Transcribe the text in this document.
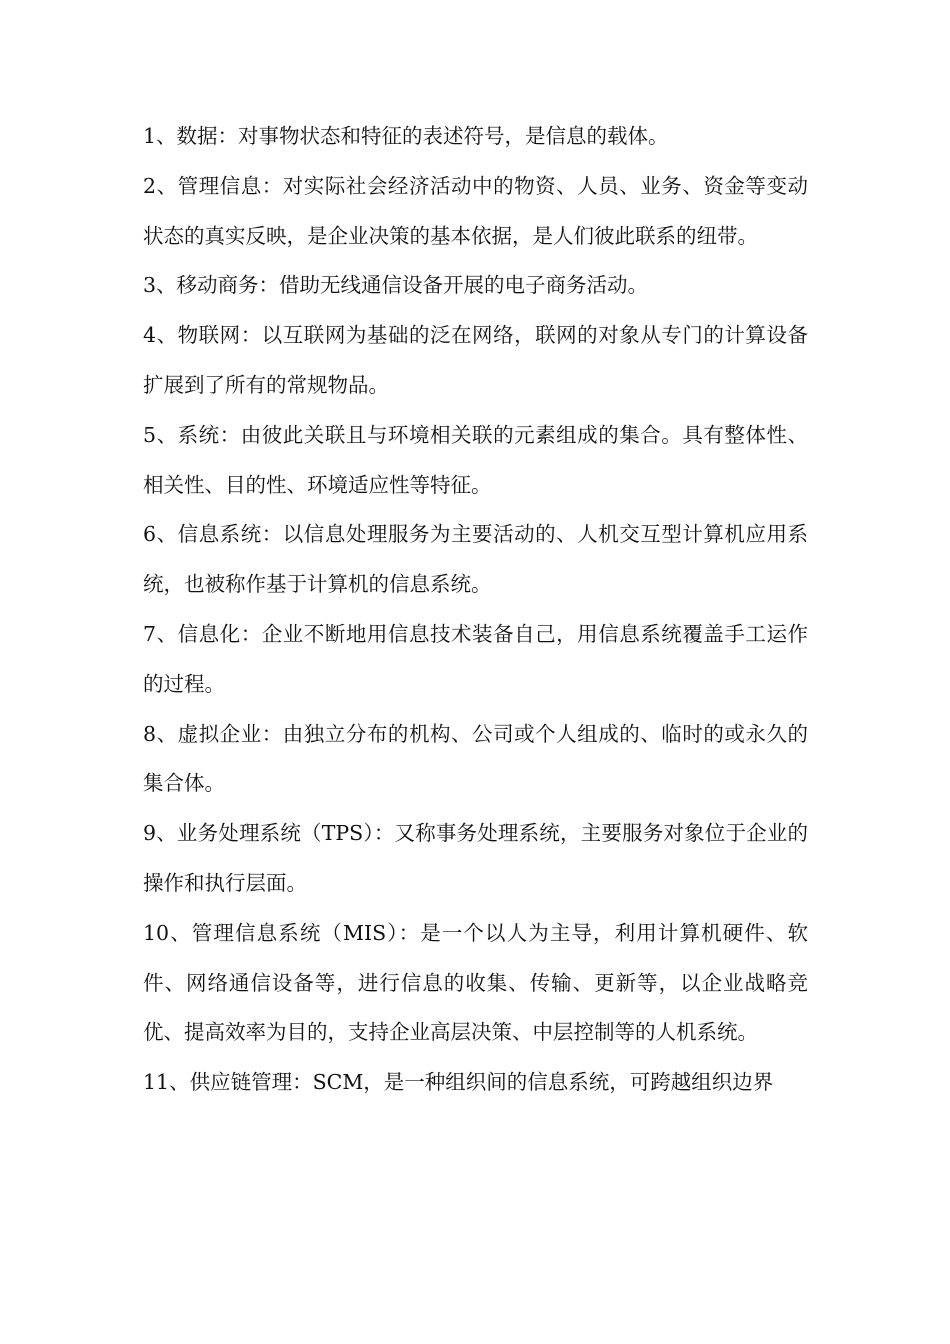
1、数据：对事物状态和特征的表述符号，是信息的载体。

2、管理信息：对实际社会经济活动中的物资、人员、业务、资金等变动状态的真实反映，是企业决策的基本依据，是人们彼此联系的纽带。

3、移动商务：借助无线通信设备开展的电子商务活动。

4、物联网：以互联网为基础的泛在网络，联网的对象从专门的计算设备扩展到了所有的常规物品。

5、系统：由彼此关联且与环境相关联的元素组成的集合。具有整体性、相关性、目的性、环境适应性等特征。

6、信息系统：以信息处理服务为主要活动的、人机交互型计算机应用系统，也被称作基于计算机的信息系统。

7、信息化：企业不断地用信息技术装备自己，用信息系统覆盖手工运作的过程。

8、虚拟企业：由独立分布的机构、公司或个人组成的、临时的或永久的集合体。

9、业务处理系统（TPS）：又称事务处理系统，主要服务对象位于企业的操作和执行层面。

10、管理信息系统（MIS）：是一个以人为主导，利用计算机硬件、软件、网络通信设备等，进行信息的收集、传输、更新等，以企业战略竞优、提高效率为目的，支持企业高层决策、中层控制等的人机系统。

11、供应链管理：SCM，是一种组织间的信息系统，可跨越组织边界
